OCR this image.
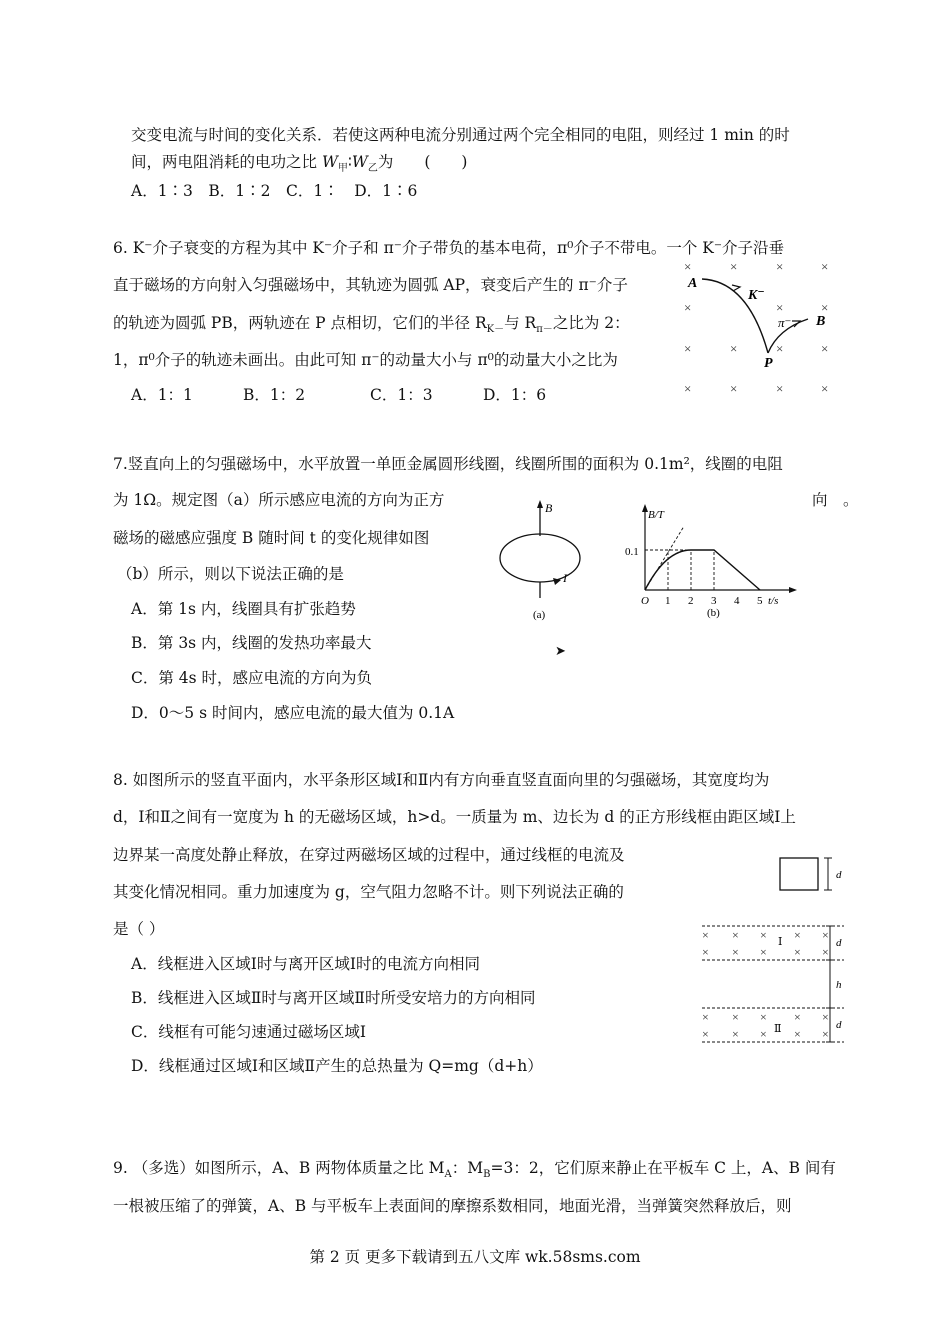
交变电流与时间的变化关系．若使这两种电流分别通过两个完全相同的电阻，则经过 1 min 的时
间，两电阻消耗的电功之比 $W_甲∶W_乙$为　　(　　)
A．1∶3　B．1∶2　C．1∶　D．1∶6
6. K⁻介子衰变的方程为其中 K⁻介子和 π⁻介子带负的基本电荷，π⁰介子不带电。一个 K⁻介子沿垂
直于磁场的方向射入匀强磁场中，其轨迹为圆弧 AP，衰变后产生的 π⁻介子
的轨迹为圆弧 PB，两轨迹在 P 点相切，它们的半径 $R_{K-}$与 $R_{\pi-}$之比为 2：
1，π⁰介子的轨迹未画出。由此可知 π⁻的动量大小与 π⁰的动量大小之比为
A．1：1	B．1：2	C．1：3	D．1：6
×	×	×	×
×
×	×
×	×	×	×
×	×	×	×
A
K⁻
π⁻ B
P
7.竖直向上的匀强磁场中，水平放置一单匝金属圆形线圈，线圈所围的面积为 0.1m²，线圈的电阻
为 1Ω。规定图（a）所示感应电流的方向为正方	向　。
磁场的磁感应强度 B 随时间 t 的变化规律如图
（b）所示，则以下说法正确的是
A．第 1s 内，线圈具有扩张趋势
B．第 3s 内，线圈的发热功率最大
C．第 4s 时，感应电流的方向为负
D．0～5 s 时间内，感应电流的最大值为 0.1A
➤
B
I
(a)
B/T
0.1
O	t/s
1 2 3 4 5
(b)
8. 如图所示的竖直平面内，水平条形区域Ⅰ和Ⅱ内有方向垂直竖直面向里的匀强磁场，其宽度均为
d，Ⅰ和Ⅱ之间有一宽度为 h 的无磁场区域，h>d。一质量为 m、边长为 d 的正方形线框由距区域Ⅰ上
边界某一高度处静止释放，在穿过两磁场区域的过程中，通过线框的电流及
其变化情况相同。重力加速度为 g，空气阻力忽略不计。则下列说法正确的
是（ ）
A．线框进入区域Ⅰ时与离开区域Ⅰ时的电流方向相同
B．线框进入区域Ⅱ时与离开区域Ⅱ时所受安培力的方向相同
C．线框有可能匀速通过磁场区域Ⅰ
D．线框通过区域Ⅰ和区域Ⅱ产生的总热量为 Q=mg（d+h）
d
× × × × ×
× × × × ×
Ⅰ
× × × × ×
× × × × ×
Ⅱ
d
h
d
9. （多选）如图所示，A、B 两物体质量之比 $M_A$：$M_B=3$：2，它们原来静止在平板车 C 上，A、B 间有
一根被压缩了的弹簧，A、B 与平板车上表面间的摩擦系数相同，地面光滑，当弹簧突然释放后，则
第 2 页 更多下载请到五八文库 wk.58sms.com
